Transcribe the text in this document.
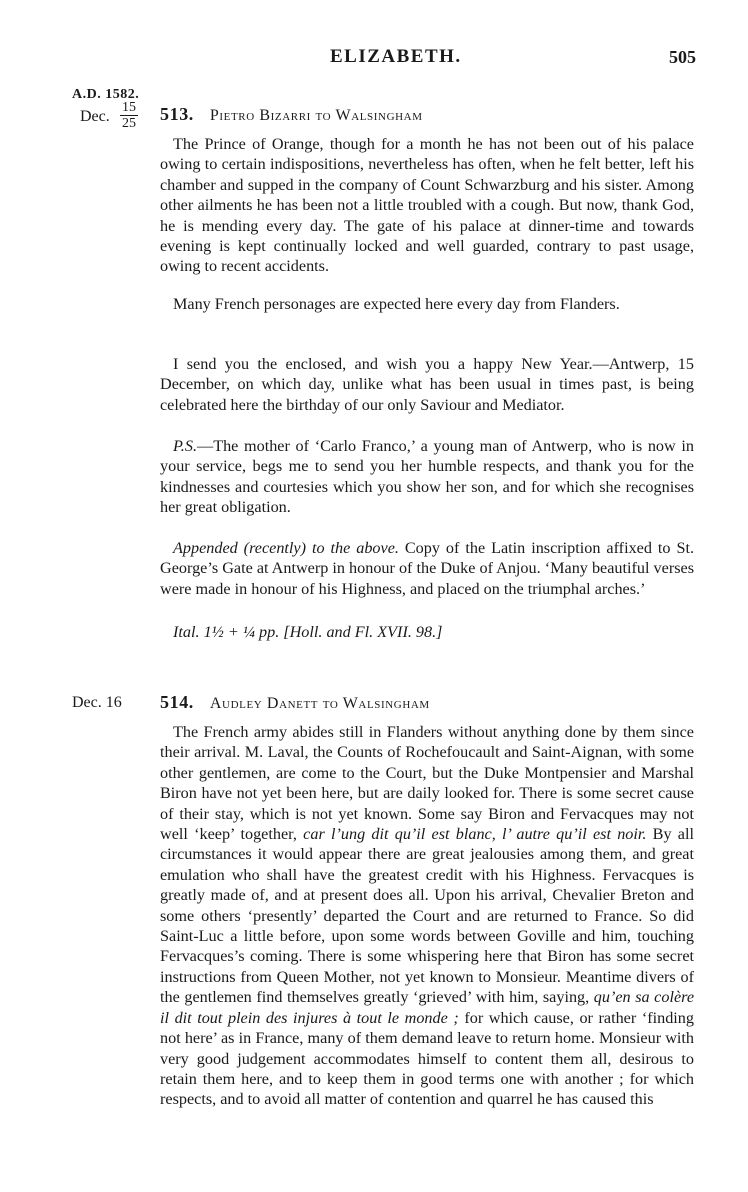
ELIZABETH.	505
A.D. 1582.
Dec. $\frac{15}{25} 513$. Pietro Bizarri to Walsingham
The Prince of Orange, though for a month he has not been out of his palace owing to certain indispositions, nevertheless has often, when he felt better, left his chamber and supped in the company of Count Schwarzburg and his sister. Among other ailments he has been not a little troubled with a cough. But now, thank God, he is mending every day. The gate of his palace at dinner-time and towards evening is kept continually locked and well guarded, contrary to past usage, owing to recent accidents.
Many French personages are expected here every day from Flanders.
I send you the enclosed, and wish you a happy New Year.—Antwerp, 15 December, on which day, unlike what has been usual in times past, is being celebrated here the birthday of our only Saviour and Mediator.
P.S.—The mother of ‘Carlo Franco,’ a young man of Antwerp, who is now in your service, begs me to send you her humble respects, and thank you for the kindnesses and courtesies which you show her son, and for which she recognises her great obligation.
Appended (recently) to the above. Copy of the Latin inscription affixed to St. George’s Gate at Antwerp in honour of the Duke of Anjou. ‘Many beautiful verses were made in honour of his Highness, and placed on the triumphal arches.’
Ital. 1½ + ¼ pp. [Holl. and Fl. XVII. 98.]
Dec. 16 514. Audley Danett to Walsingham
The French army abides still in Flanders without anything done by them since their arrival. M. Laval, the Counts of Rochefoucault and Saint-Aignan, with some other gentlemen, are come to the Court, but the Duke Montpensier and Marshal Biron have not yet been here, but are daily looked for. There is some secret cause of their stay, which is not yet known. Some say Biron and Fervacques may not well ‘keep’ together, car l’ung dit qu’il est blanc, l’ autre qu’il est noir. By all circumstances it would appear there are great jealousies among them, and great emulation who shall have the greatest credit with his Highness. Fervacques is greatly made of, and at present does all. Upon his arrival, Chevalier Breton and some others ‘presently’ departed the Court and are returned to France. So did Saint-Luc a little before, upon some words between Goville and him, touching Fervacques’s coming. There is some whispering here that Biron has some secret instructions from Queen Mother, not yet known to Monsieur. Meantime divers of the gentlemen find themselves greatly ‘grieved’ with him, saying, qu’en sa colère il dit tout plein des injures à tout le monde ; for which cause, or rather ‘finding not here’ as in France, many of them demand leave to return home. Monsieur with very good judgement accommodates himself to content them all, desirous to retain them here, and to keep them in good terms one with another ; for which respects, and to avoid all matter of contention and quarrel he has caused this
